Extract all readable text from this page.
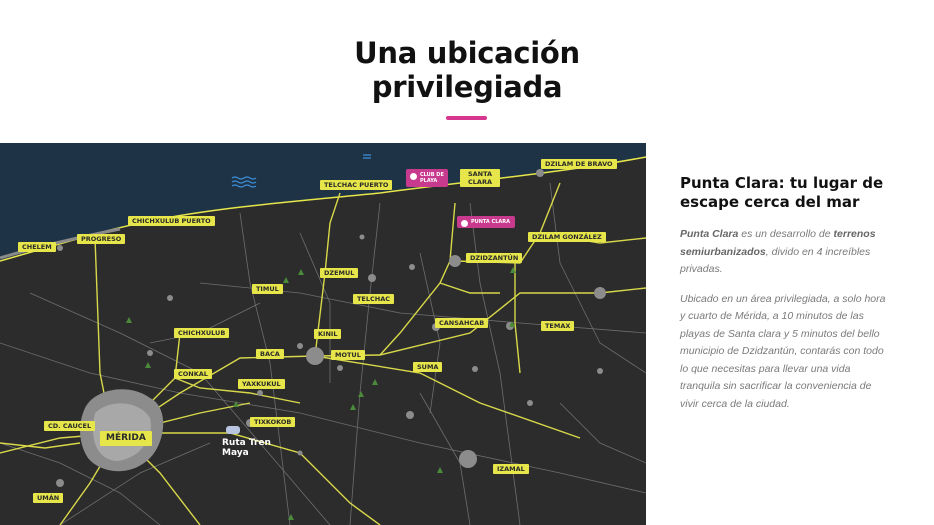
Una ubicación
privilegiada
CHELEM
PROGRESO
CHICHXULUB PUERTO
TELCHAC PUERTO
SANTA CLARA
DZILAM DE BRAVO
DZILAM GONZÁLEZ
DZIDZANTÚN
DZEMUL
TIMUL
TELCHAC
CANSAHCAB	TEMAX
CHICHXULUB	KINIL
BACA	MOTUL
CONKAL
SUMA
YAXKUKUL
TIXKOKOB
CD. CAUCEL
MÉRIDA
IZAMAL
UMÁN
CLUB DE PLAYA
PUNTA CLARA
Ruta Tren Maya
Punta Clara: tu lugar de escape cerca del mar

Punta Clara es un desarrollo de terrenos semiurbanizados, divido en 4 increíbles privadas.

Ubicado en un área privilegiada, a solo hora y cuarto de Mérida, a 10 minutos de las playas de Santa clara y 5 minutos del bello municipio de Dzidzantún, contarás con todo lo que necesitas para llevar una vida tranquila sin sacrificar la conveniencia de vivir cerca de la ciudad.
